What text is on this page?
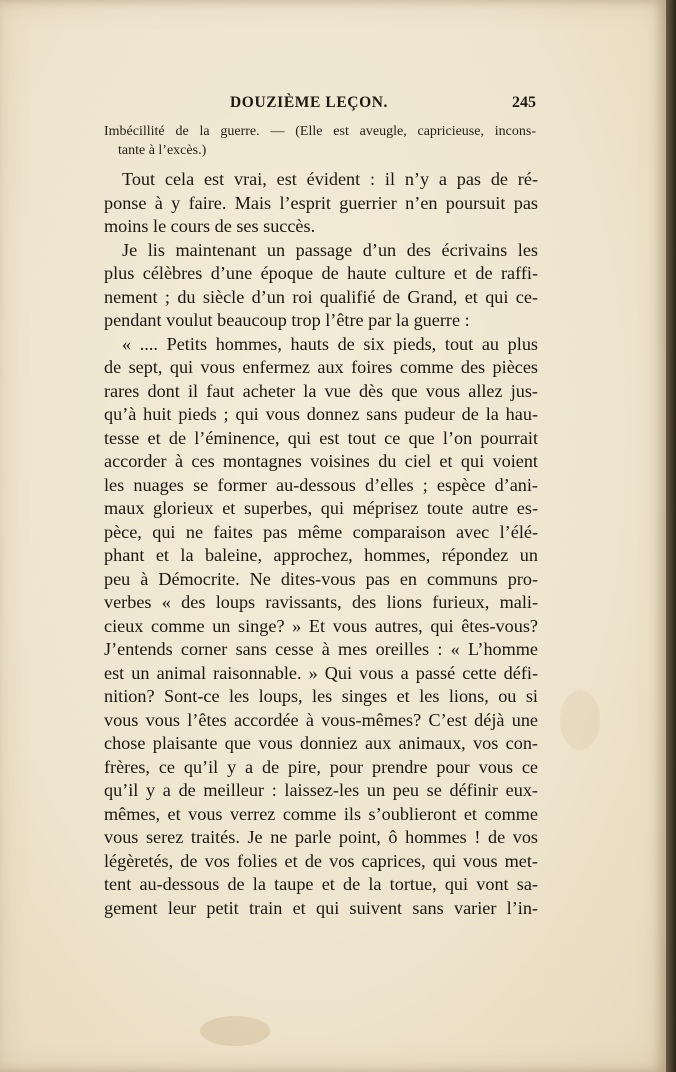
DOUZIÈME LEÇON.	245
Imbécillité de la guerre. — (Elle est aveugle, capricieuse, incons-
tante à l’excès.)
Tout cela est vrai, est évident : il n’y a pas de ré-
ponse à y faire. Mais l’esprit guerrier n’en poursuit pas
moins le cours de ses succès.
Je lis maintenant un passage d’un des écrivains les
plus célèbres d’une époque de haute culture et de raffi-
nement ; du siècle d’un roi qualifié de Grand, et qui ce-
pendant voulut beaucoup trop l’être par la guerre :
« .... Petits hommes, hauts de six pieds, tout au plus
de sept, qui vous enfermez aux foires comme des pièces
rares dont il faut acheter la vue dès que vous allez jus-
qu’à huit pieds ; qui vous donnez sans pudeur de la hau-
tesse et de l’éminence, qui est tout ce que l’on pourrait
accorder à ces montagnes voisines du ciel et qui voient
les nuages se former au-dessous d’elles ; espèce d’ani-
maux glorieux et superbes, qui méprisez toute autre es-
pèce, qui ne faites pas même comparaison avec l’élé-
phant et la baleine, approchez, hommes, répondez un
peu à Démocrite. Ne dites-vous pas en communs pro-
verbes « des loups ravissants, des lions furieux, mali-
cieux comme un singe? » Et vous autres, qui êtes-vous?
J’entends corner sans cesse à mes oreilles : « L’homme
est un animal raisonnable. » Qui vous a passé cette défi-
nition? Sont-ce les loups, les singes et les lions, ou si
vous vous l’êtes accordée à vous-mêmes? C’est déjà une
chose plaisante que vous donniez aux animaux, vos con-
frères, ce qu’il y a de pire, pour prendre pour vous ce
qu’il y a de meilleur : laissez-les un peu se définir eux-
mêmes, et vous verrez comme ils s’oublieront et comme
vous serez traités. Je ne parle point, ô hommes ! de vos
légèretés, de vos folies et de vos caprices, qui vous met-
tent au-dessous de la taupe et de la tortue, qui vont sa-
gement leur petit train et qui suivent sans varier l’in-
